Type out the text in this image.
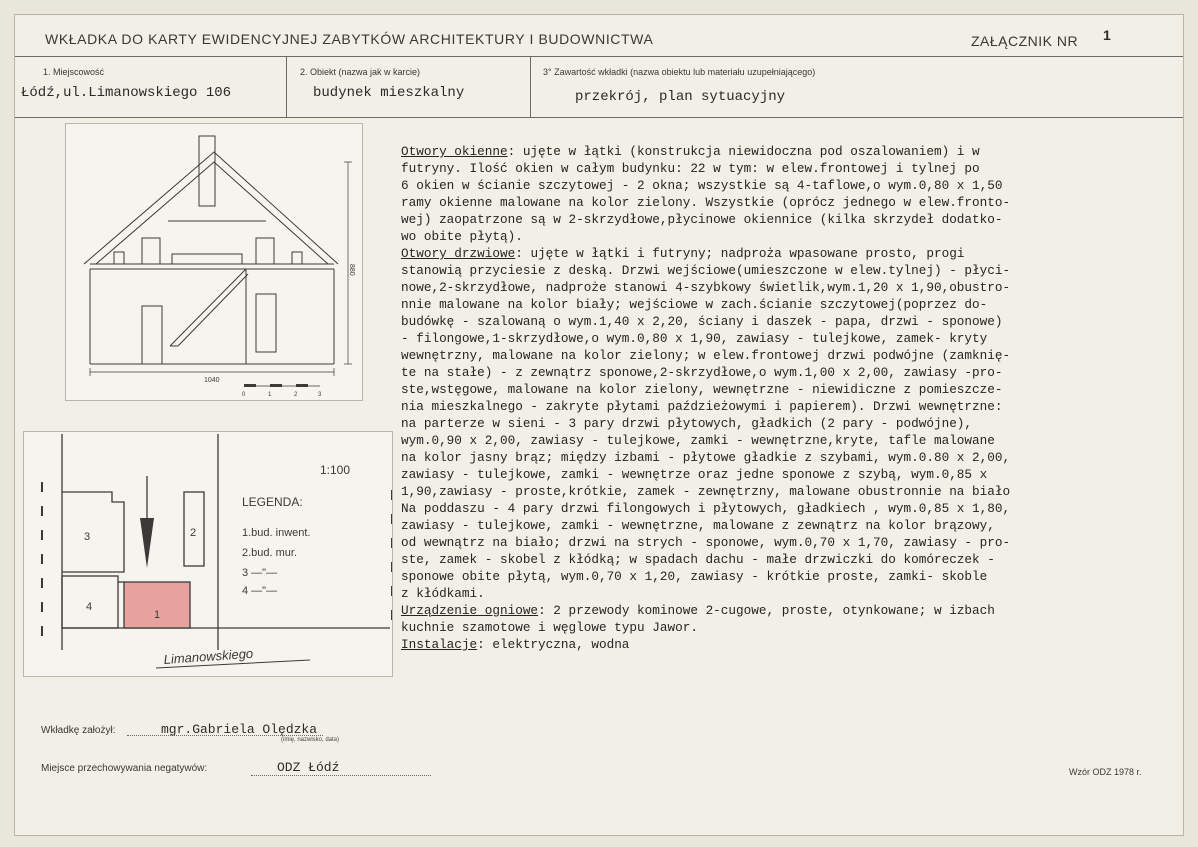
WKŁADKA DO KARTY EWIDENCYJNEJ ZABYTKÓW ARCHITEKTURY I BUDOWNICTWA	ZAŁĄCZNIK NR 1
1. Miejscowość
Łódź,ul.Limanowskiego 106
2. Obiekt (nazwa jak w karcie)
budynek mieszkalny
3° Zawartość wkładki (nazwa obiektu lub materiału uzupełniającego)
przekrój, plan sytuacyjny
1040
880
0	1	2	3
3
4
1
2
1:100
LEGENDA:
1.bud. inwent.
2.bud. mur.
3 —"—
4 —"—
Limanowskiego
Otwory okienne: ujęte w łątki (konstrukcja niewidoczna pod oszalowaniem) i w
futryny. Ilość okien w całym budynku: 22 w tym: w elew.frontowej i tylnej po
6 okien w ścianie szczytowej - 2 okna; wszystkie są 4-taflowe,o wym.0,80 x 1,50
ramy okienne malowane na kolor zielony. Wszystkie (oprócz jednego w elew.fronto-
wej) zaopatrzone są w 2-skrzydłowe,płycinowe okiennice (kilka skrzydeł dodatko-
wo obite płytą).
Otwory drzwiowe: ujęte w łątki i futryny; nadproża wpasowane prosto, progi
stanowią przyciesie z deską. Drzwi wejściowe(umieszczone w elew.tylnej) - płyci-
nowe,2-skrzydłowe, nadproże stanowi 4-szybkowy świetlik,wym.1,20 x 1,90,obustro-
nnie malowane na kolor biały; wejściowe w zach.ścianie szczytowej(poprzez do-
budówkę - szalowaną o wym.1,40 x 2,20, ściany i daszek - papa, drzwi - sponowe)
- filongowe,1-skrzydłowe,o wym.0,80 x 1,90, zawiasy - tulejkowe, zamek- kryty
wewnętrzny, malowane na kolor zielony; w elew.frontowej drzwi podwójne (zamknię-
te na stałe) - z zewnątrz sponowe,2-skrzydłowe,o wym.1,00 x 2,00, zawiasy -pro-
ste,wstęgowe, malowane na kolor zielony, wewnętrzne - niewidiczne z pomieszcze-
nia mieszkalnego - zakryte płytami paździeżowymi i papierem). Drzwi wewnętrzne:
na parterze w sieni - 3 pary drzwi płytowych, gładkich (2 pary - podwójne),
wym.0,90 x 2,00, zawiasy - tulejkowe, zamki - wewnętrzne,kryte, tafle malowane
na kolor jasny brąz; między izbami - płytowe gładkie z szybami, wym.0.80 x 2,00,
zawiasy - tulejkowe, zamki - wewnętrze oraz jedne sponowe z szybą, wym.0,85 x
1,90,zawiasy - proste,krótkie, zamek - zewnętrzny, malowane obustronnie na biało
Na poddaszu - 4 pary drzwi filongowych i płytowych, gładkiech , wym.0,85 x 1,80,
zawiasy - tulejkowe, zamki - wewnętrzne, malowane z zewnątrz na kolor brązowy,
od wewnątrz na biało; drzwi na strych - sponowe, wym.0,70 x 1,70, zawiasy - pro-
ste, zamek - skobel z kłódką; w spadach dachu - małe drzwiczki do komóreczek -
sponowe obite płytą, wym.0,70 x 1,20, zawiasy - krótkie proste, zamki- skoble
z kłódkami.
Urządzenie ogniowe: 2 przewody kominowe 2-cugowe, proste, otynkowane; w izbach
kuchnie szamotowe i węglowe typu Jawor.
Instalacje: elektryczna, wodna
Wkładkę założył:	mgr.Gabriela Olędzka
(imię, nazwisko, data)
Miejsce przechowywania negatywów:	ODZ Łódź	Wzór ODZ 1978 r.
